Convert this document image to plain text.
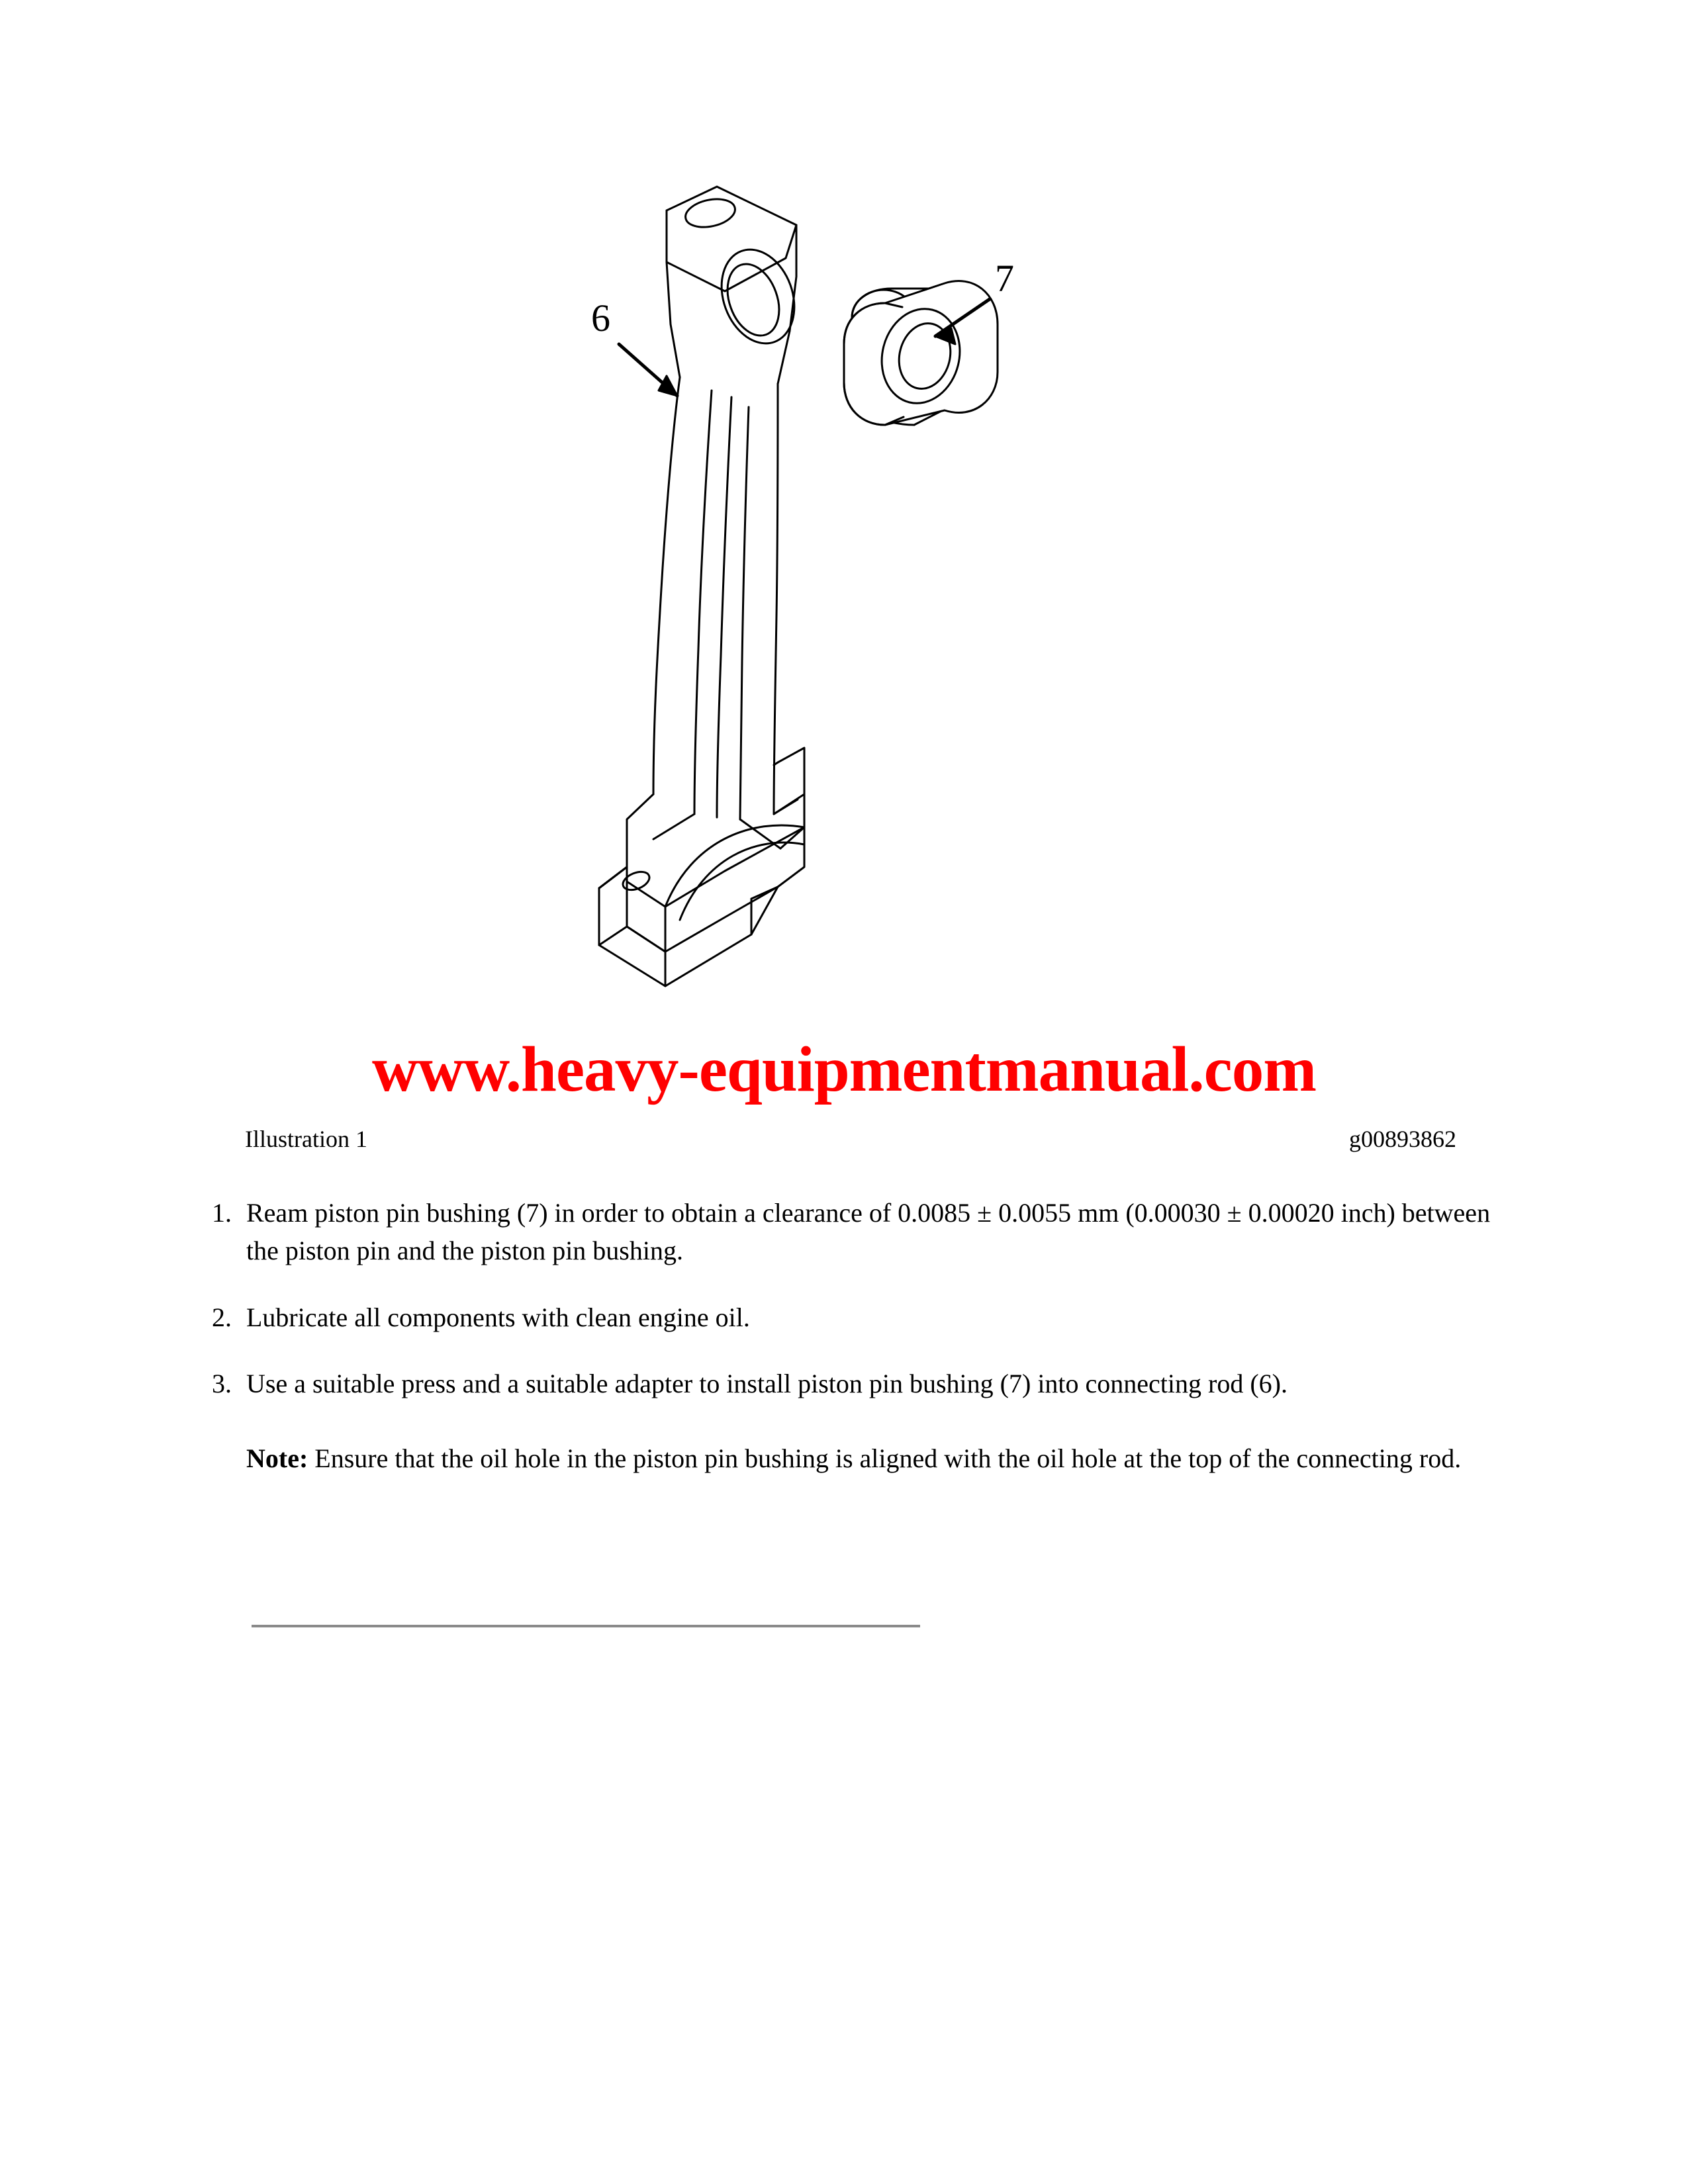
6
7
www.heavy-equipmentmanual.com
Illustration 1	g00893862
1. Ream piston pin bushing (7) in order to obtain a clearance of 0.0085 ± 0.0055 mm (0.00030 ± 0.00020 inch) between the piston pin and the piston pin bushing.
2. Lubricate all components with clean engine oil.
3. Use a suitable press and a suitable adapter to install piston pin bushing (7) into connecting rod (6).
Note: Ensure that the oil hole in the piston pin bushing is aligned with the oil hole at the top of the connecting rod.
